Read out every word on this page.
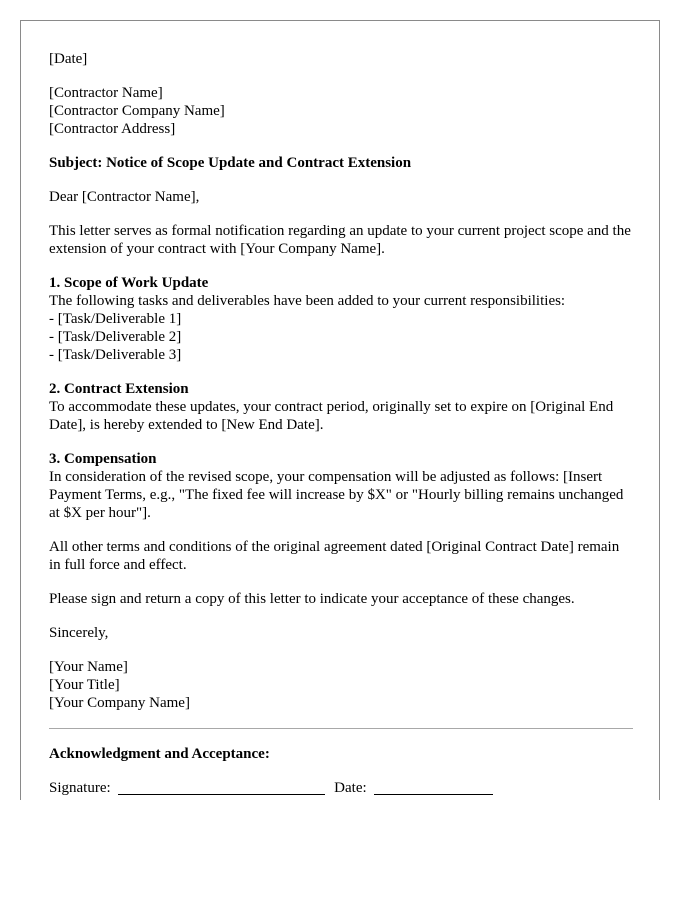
[Date]
[Contractor Name]
[Contractor Company Name]
[Contractor Address]
Subject: Notice of Scope Update and Contract Extension
Dear [Contractor Name],
This letter serves as formal notification regarding an update to your current project scope and the extension of your contract with [Your Company Name].
1. Scope of Work Update
The following tasks and deliverables have been added to your current responsibilities:
- [Task/Deliverable 1]
- [Task/Deliverable 2]
- [Task/Deliverable 3]
2. Contract Extension
To accommodate these updates, your contract period, originally set to expire on [Original End Date], is hereby extended to [New End Date].
3. Compensation
In consideration of the revised scope, your compensation will be adjusted as follows: [Insert Payment Terms, e.g., "The fixed fee will increase by $X" or "Hourly billing remains unchanged at $X per hour"].
All other terms and conditions of the original agreement dated [Original Contract Date] remain in full force and effect.
Please sign and return a copy of this letter to indicate your acceptance of these changes.
Sincerely,
[Your Name]
[Your Title]
[Your Company Name]
Acknowledgment and Acceptance:
Signature:	Date:
